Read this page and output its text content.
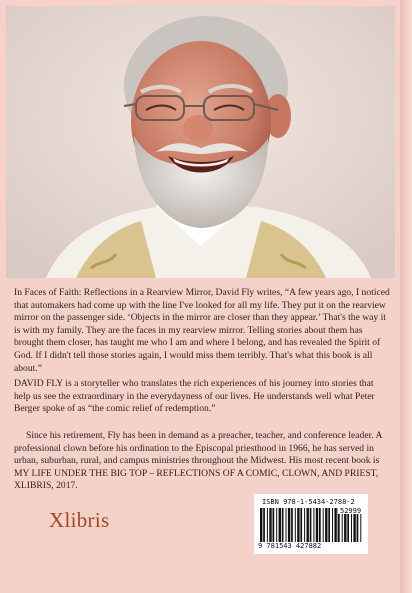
In Faces of Faith: Reflections in a Rearview Mirror, David Fly writes, “A few years ago, I noticed that automakers had come up with the line I've looked for all my life. They put it on the rearview mirror on the passenger side. ‘Objects in the mirror are closer than they appear.’ That's the way it is with my family. They are the faces in my rearview mirror. Telling stories about them has brought them closer, has taught me who I am and where I belong, and has revealed the Spirit of God. If I didn't tell those stories again, I would miss them terribly. That's what this book is all about.”

DAVID FLY is a storyteller who translates the rich experiences of his journey into stories that help us see the extraordinary in the everydayness of our lives. He understands well what Peter Berger spoke of as “the comic relief of redemption.”

Since his retirement, Fly has been in demand as a preacher, teacher, and conference leader. A professional clown before his ordination to the Episcopal priesthood in 1966, he has served in urban, suburban, rural, and campus ministries throughout the Midwest. His most recent book is MY LIFE UNDER THE BIG TOP – REFLECTIONS OF A COMIC, CLOWN, AND PRIEST, XLIBRIS, 2017.

Xlibris
ISBN 978-1-5434-2788-2
52999
9 781543 427882
